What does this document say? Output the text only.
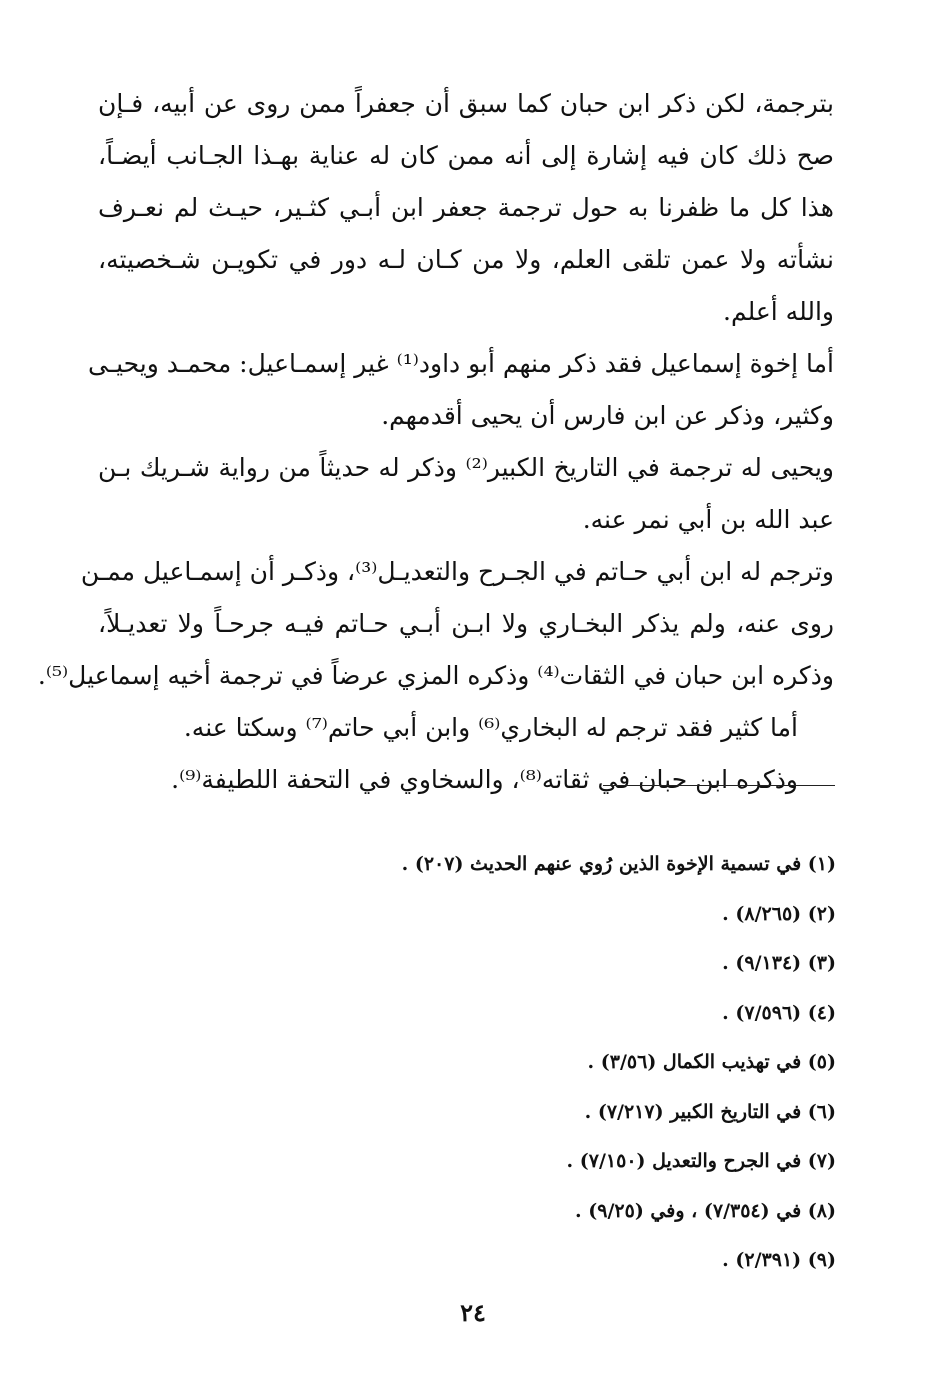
بترجمة، لكن ذكر ابن حبان كما سبق أن جعفراً ممن روى عن أبيه، فـإن
صح ذلك كان فيه إشارة إلى أنه ممن كان له عناية بهـذا الجـانب أيضـاً،
هذا كل ما ظفرنا به حول ترجمة جعفر ابن أبـي كثـير، حيـث لم نعـرف
نشأته ولا عمن تلقى العلم، ولا من كـان لـه دور في تكويـن شـخصيته،
والله أعلم.
أما إخوة إسماعيل فقد ذكر منهم أبو داود⁽¹⁾ غير إسمـاعيل: محمـد ويحيـى
وكثير، وذكر عن ابن فارس أن يحيى أقدمهم.
ويحيى له ترجمة في التاريخ الكبير⁽²⁾ وذكر له حديثاً من رواية شـريك بـن
عبد الله بن أبي نمر عنه.
وترجم له ابن أبي حـاتم في الجـرح والتعديـل⁽³⁾، وذكـر أن إسمـاعيل ممـن
روى عنه، ولم يذكر البخـاري ولا ابـن أبـي حـاتم فيـه جرحـاً ولا تعديـلاً،
وذكره ابن حبان في الثقات⁽⁴⁾ وذكره المزي عرضاً في ترجمة أخيه إسماعيل⁽⁵⁾.
أما كثير فقد ترجم له البخاري⁽⁶⁾ وابن أبي حاتم⁽⁷⁾ وسكتا عنه.
وذكره ابن حبان في ثقاته⁽⁸⁾، والسخاوي في التحفة اللطيفة⁽⁹⁾.
(١) في تسمية الإخوة الذين رُوي عنهم الحديث (٢٠٧) .
(٢) (٨/٢٦٥) .
(٣) (٩/١٣٤) .
(٤) (٧/٥٩٦) .
(٥) في تهذيب الكمال (٣/٥٦) .
(٦) في التاريخ الكبير (٧/٢١٧) .
(٧) في الجرح والتعديل (٧/١٥٠) .
(٨) في (٧/٣٥٤) ، وفي (٩/٢٥) .
(٩) (٢/٣٩١) .
٢٤
